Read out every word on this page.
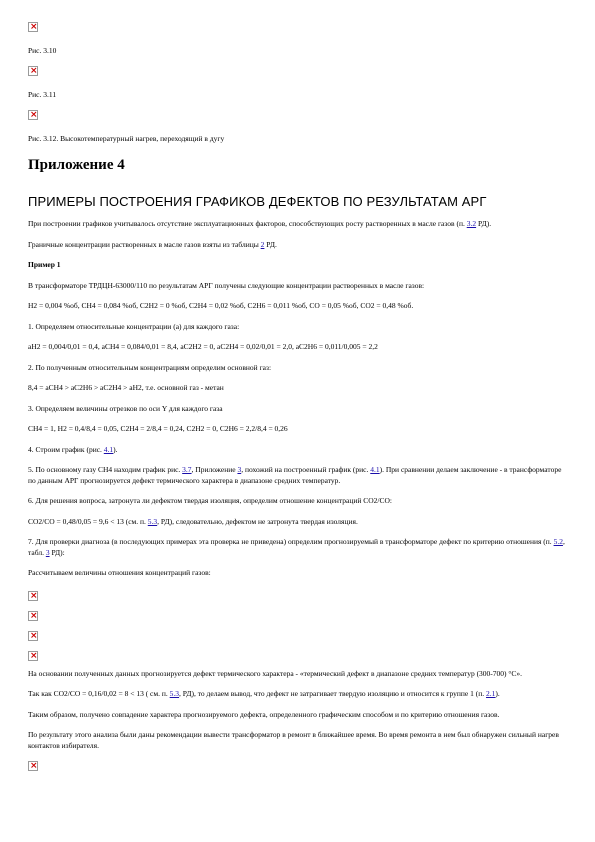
×
Рис. 3.10
×
Рис. 3.11
×
Рис. 3.12. Высокотемпературный нагрев, переходящий в дугу
Приложение 4
ПРИМЕРЫ ПОСТРОЕНИЯ ГРАФИКОВ ДЕФЕКТОВ ПО РЕЗУЛЬТАТАМ АРГ
При построении графиков учитывалось отсутствие эксплуатационных факторов, способствующих росту растворенных в масле газов (п. 3.2 РД).
Граничные концентрации растворенных в масле газов взяты из таблицы 2 РД.
Пример 1
В трансформаторе ТРДЦН-63000/110 по результатам АРГ получены следующие концентрации растворенных в масле газов:
Н2 = 0,004 %об, СН4 = 0,084 %об, С2Н2 = 0 %об, С2Н4 = 0,02 %об, С2Н6 = 0,011 %об, СО = 0,05 %об, СО2 = 0,48 %об.
1. Определяем относительные концентрации (а) для каждого газа:
аН2 = 0,004/0,01 = 0,4, аСН4 = 0,084/0,01 = 8,4, аС2Н2 = 0, аС2Н4 = 0,02/0,01 = 2,0, аС2Н6 = 0,011/0,005 = 2,2
2. По полученным относительным концентрациям определим основной газ:
8,4 = аСН4 > аС2Н6 > аС2Н4 > аН2, т.е. основной газ - метан
3. Определяем величины отрезков по оси Y для каждого газа
СН4 = 1, Н2 = 0,4/8,4 = 0,05, С2Н4 = 2/8,4 = 0,24, С2Н2 = 0, С2Н6 = 2,2/8,4 = 0,26
4. Строим график (рис. 4.1).
5. По основному газу СН4 находим график рис. 3.7, Приложение 3, похожий на построенный график (рис. 4.1). При сравнении делаем заключение - в трансформаторе по данным АРГ прогнозируется дефект термического характера в диапазоне средних температур.
6. Для решения вопроса, затронута ли дефектом твердая изоляция, определим отношение концентраций СО2/СО:
СО2/СО = 0,48/0,05 = 9,6 < 13 (см. п. 5.3, РД), следовательно, дефектом не затронута твердая изоляция.
7. Для проверки диагноза (в последующих примерах эта проверка не приведена) определим прогнозируемый в трансформаторе дефект по критерию отношения (п. 5.2, табл. 3 РД):
Рассчитываем величины отношения концентраций газов:
×
×
×
×
На основании полученных данных прогнозируется дефект термического характера - «термический дефект в диапазоне средних температур (300-700) °С».
Так как СО2/СО = 0,16/0,02 = 8 < 13 ( см. п. 5.3, РД), то делаем вывод, что дефект не затрагивает твердую изоляцию и относится к группе 1 (п. 2.1).
Таким образом, получено совпадение характера прогнозируемого дефекта, определенного графическим способом и по критерию отношения газов.
По результату этого анализа были даны рекомендации вывести трансформатор в ремонт в ближайшее время. Во время ремонта в нем был обнаружен сильный нагрев контактов избирателя.
×
